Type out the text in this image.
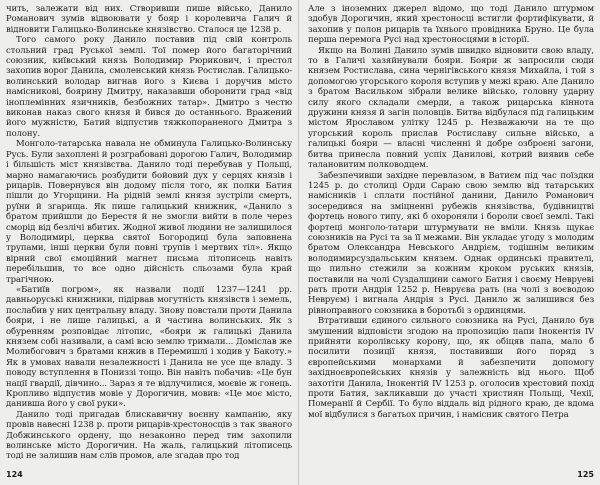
чить, залежати від них. Створивши пише військо, Данило Романович зумів відвоювати у бояр і королевича Галич й відновити Галицько-Волинське князівство. Сталося це 1238 р.

Того самого року Данило поставив під свій контроль стольний град Руської землі. Тої помер його багаторічний союзник, київський князь Володимир Рюрикович, і престол захопив ворог Данила, смоленський князь Ростислав. Галицько-волинський володар вигнав його з Києва і доручив місто намісникові, боярину Дмитру, наказавши оборонити град «від іноплемінних язичників, безбожних татар». Дмитро з честю виконав наказ свого князя й бився до останнього. Вражений його мужністю, Батий відпустив тяжкопораненого Дмитра з полону.

Монголо-татарська навала не обминула Галицько-Волинську Русь. Були захоплені й розграбовані дорогою Галич, Володимир і більшість міст князівства. Данило тоді перебував у Польщі, марно намагаючись розбудити бойовий дух у серцях князів і рицарів. Повернувся він додому після того, як полки Батия пішли до Угорщини. На рідній землі князя зустріли смерть, руїни й згарища. Як пише галицький книжник, «Данило з братом прийшли до Берестя й не змогли вийти в поле через сморід від безлічі вбитих. Жодної живої людини не залишилося у Володимирі, церква святої Богородиці була заповнена трупами, інші церкви були повні трупів і мертвих тіл». Якщо вірний свої ємоційний магнет письма літописець навіть перебільшив, то все одно дійсність сльозами була край трагічною.

«Батиїв погром», як назвали події 1237—1241 рр. давньоруські книжники, підірвав могутність князівств і земель, послабив у них центральну владу. Знову повстали проти Данила бояри, і не лише галицькі, а й частина волинських. Як з обуренням розповідає літопис, «бояри ж галицькі Данила князем собі називали, а самі всю землю тримали... Доміслав же Молибогович з братами кнжив в Перемишлі і ходив у Бакоту.» Як в умовах навали незалежності і Данила не усе ще владу. З поводу вступлення в Пониззі тощо. Він навіть побачив: «Це бун нації гвардії, дівчино... Зараз я те відлучилися, моєвіе ж гонець. Кропливо відпустив мовіе у Дорогичин, мовив: «Це моє місто, данивша його у свої руки».

Данило тоді пригадав блискавичну воєнну кампанію, яку провів навесні 1238 р. проти рицарів-хрестоносців з так званого Добжинського ордену, що незаконно перед тим захопили волинське місто Дорогичин. На жаль, галицький літописець тоді не залишив нам слів промов, але згадав про тод

Але з іноземних джерел відомо, що тоді Данило штурмом здобув Дорогичин, який хрестоносці встигли фортифікувати, й захопив у полон рицарів та їхнього провідника Бруно. Це була перша перемога Русі над хрестоносцями в історії.

Якщо на Волині Данило зумів швидко відновити свою владу, то в Галичі хазяйнували бояри. Бояри ж запросили сюди князем Ростислава, сина чернігівського князя Михайла, і той з допомогою угорського короля вступив у межі краю. Але Данило з братом Васильком зібрали велике військо, головну ударну силу якого складали смерди, а також рицарська кіннота дружини князя й загін половців. Битва відбулася під галицьким містом Ярославом улітку 1245 р. Незважаючи на те що угорський король прислав Ростиславу сильне військо, а галицькі бояри — власні численні й добре озброєні загони, битва принесла повний успіх Данилові, котрий виявив себе талановитим полководцем.

Забезпечивши західне перевлазом, в Ватиєм під час поїздки 1245 р. до столиці Орди Сараю свою землю від татарських намісників і сплати постійної данини, Данило Романович зосередився на зміцненні рубежів князівства, будівництві фортець нового типу, які б охороняли і бороли своєї землі. Такі фортеці монголо-татари штурмувати не вміли. Князь щукає союзників на Русі та за її межами. Він укладає угоду з молодим братом Олександра Невського Андрієм, тодішнім великим володимирсуздальським князем. Однак ординські правителі, що пильно стежили за кожним кроком руських князів, поставили на чолі Суздалщини самого Батия і своєму Невруеві рать проти Андрія 1252 р. Невруєва рать (на чолі з воєводою Невруєм) і вигнала Андрія з Русі. Данило ж залишився без рівноправного союзника в боротьбі з ординцями.

Втративши єдиного сильного союзника на Русі, Данило був змушений відповісти згодою на пропозицію папи Інокентія IV прийняти королівську корону, що, як обіцяв папа, мало б посилити позиції князя, поставивши його поряд з європейськими монархами й забезпечити допомогу західноєвропейських князів у залежність від нього. Щоб захотіти Данила, Інокентій IV 1253 р. оголосив хрестовий похід проти Батия, закликавши до участі християн Польщі, Чехії, Померанії й Сербії. То було віддаль від рідного краю, де вдома мої відбулися з багатьох причин, і намісник святого Петра

124	125
